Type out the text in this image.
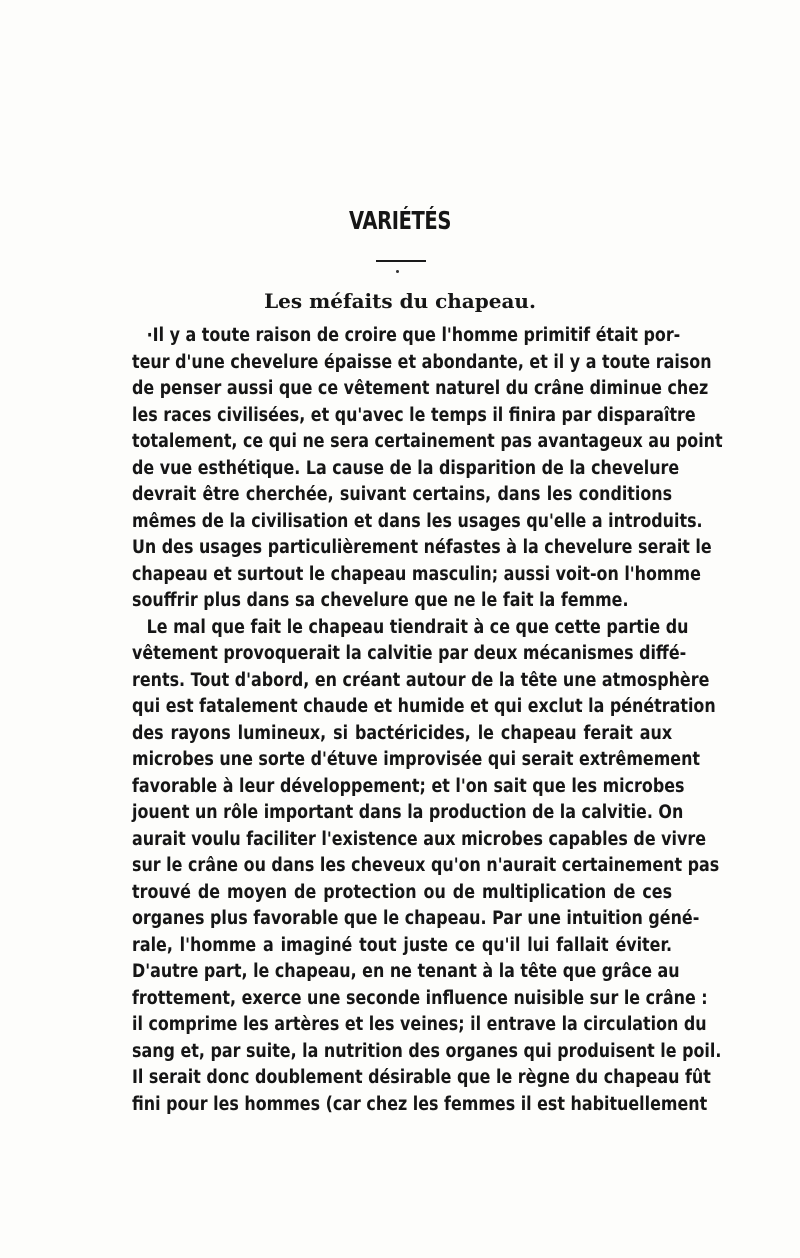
VARIÉTÉS
Les méfaits du chapeau.
·Il y a toute raison de croire que l'homme primitif était por-
teur d'une chevelure épaisse et abondante, et il y a toute raison
de penser aussi que ce vêtement naturel du crâne diminue chez
les races civilisées, et qu'avec le temps il finira par disparaître
totalement, ce qui ne sera certainement pas avantageux au point
de vue esthétique. La cause de la disparition de la chevelure
devrait être cherchée, suivant certains, dans les conditions
mêmes de la civilisation et dans les usages qu'elle a introduits.
Un des usages particulièrement néfastes à la chevelure serait le
chapeau et surtout le chapeau masculin; aussi voit-on l'homme
souffrir plus dans sa chevelure que ne le fait la femme.
Le mal que fait le chapeau tiendrait à ce que cette partie du
vêtement provoquerait la calvitie par deux mécanismes diffé-
rents. Tout d'abord, en créant autour de la tête une atmosphère
qui est fatalement chaude et humide et qui exclut la pénétration
des rayons lumineux, si bactéricides, le chapeau ferait aux
microbes une sorte d'étuve improvisée qui serait extrêmement
favorable à leur développement; et l'on sait que les microbes
jouent un rôle important dans la production de la calvitie. On
aurait voulu faciliter l'existence aux microbes capables de vivre
sur le crâne ou dans les cheveux qu'on n'aurait certainement pas
trouvé de moyen de protection ou de multiplication de ces
organes plus favorable que le chapeau. Par une intuition géné-
rale, l'homme a imaginé tout juste ce qu'il lui fallait éviter.
D'autre part, le chapeau, en ne tenant à la tête que grâce au
frottement, exerce une seconde influence nuisible sur le crâne :
il comprime les artères et les veines; il entrave la circulation du
sang et, par suite, la nutrition des organes qui produisent le poil.
Il serait donc doublement désirable que le règne du chapeau fût
fini pour les hommes (car chez les femmes il est habituellement
